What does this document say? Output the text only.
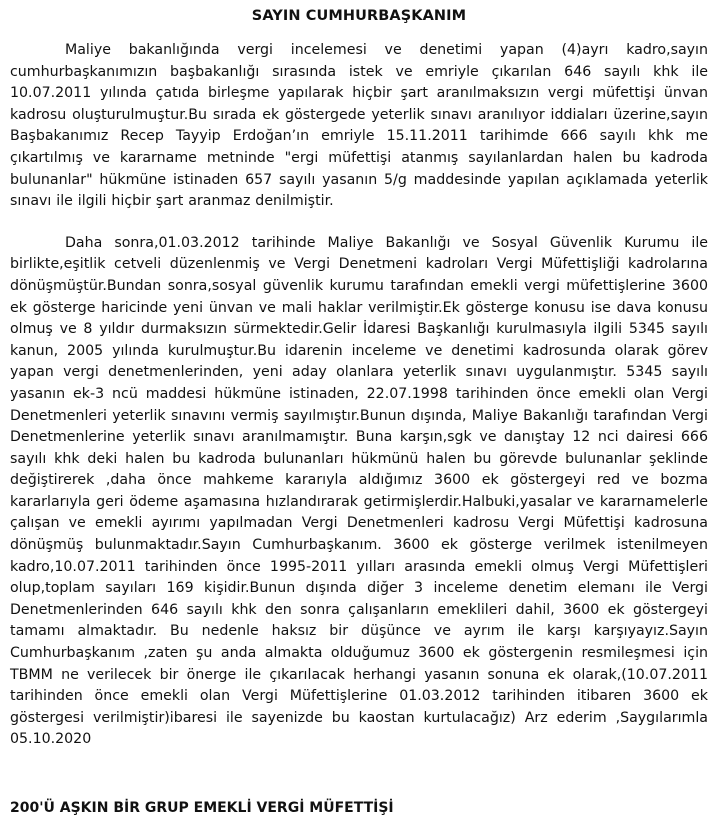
SAYIN CUMHURBAŞKANIM

Maliye bakanlığında vergi incelemesi ve denetimi yapan (4)ayrı kadro,sayın cumhurbaşkanımızın başbakanlığı sırasında istek ve emriyle çıkarılan 646 sayılı khk ile 10.07.2011 yılında çatıda birleşme yapılarak hiçbir şart aranılmaksızın vergi müfettişi ünvan kadrosu oluşturulmuştur.Bu sırada ek göstergede yeterlik sınavı aranılıyor iddiaları üzerine,sayın Başbakanımız Recep Tayyip Erdoğan’ın emriyle 15.11.2011 tarihimde 666 sayılı khk me çıkartılmış ve kararname metninde "ergi müfettişi atanmış sayılanlardan halen bu kadroda bulunanlar" hükmüne istinaden 657 sayılı yasanın 5/g maddesinde yapılan açıklamada yeterlik sınavı ile ilgili hiçbir şart aranmaz denilmiştir.

Daha sonra,01.03.2012 tarihinde Maliye Bakanlığı ve Sosyal Güvenlik Kurumu ile birlikte,eşitlik cetveli düzenlenmiş ve Vergi Denetmeni kadroları Vergi Müfettişliği kadrolarına dönüşmüştür.Bundan sonra,sosyal güvenlik kurumu tarafından emekli vergi müfettişlerine 3600 ek gösterge haricinde yeni ünvan ve mali haklar verilmiştir.Ek gösterge konusu ise dava konusu olmuş ve 8 yıldır durmaksızın sürmektedir.Gelir İdaresi Başkanlığı kurulmasıyla ilgili 5345 sayılı kanun, 2005 yılında kurulmuştur.Bu idarenin inceleme ve denetimi kadrosunda olarak görev yapan vergi denetmenlerinden, yeni aday olanlara yeterlik sınavı uygulanmıştır. 5345 sayılı yasanın ek-3 ncü maddesi hükmüne istinaden, 22.07.1998 tarihinden önce emekli olan Vergi Denetmenleri yeterlik sınavını vermiş sayılmıştır.Bunun dışında, Maliye Bakanlığı tarafından Vergi Denetmenlerine yeterlik sınavı aranılmamıştır. Buna karşın,sgk ve danıştay 12 nci dairesi 666 sayılı khk deki halen bu kadroda bulunanları hükmünü halen bu görevde bulunanlar şeklinde değiştirerek ,daha önce mahkeme kararıyla aldığımız 3600 ek göstergeyi red ve bozma kararlarıyla geri ödeme aşamasına hızlandırarak getirmişlerdir.Halbuki,yasalar ve kararnamelerle çalışan ve emekli ayırımı yapılmadan Vergi Denetmenleri kadrosu Vergi Müfettişi kadrosuna dönüşmüş bulunmaktadır.Sayın Cumhurbaşkanım. 3600 ek gösterge verilmek istenilmeyen kadro,10.07.2011 tarihinden önce 1995-2011 yılları arasında emekli olmuş Vergi Müfettişleri olup,toplam sayıları 169 kişidir.Bunun dışında diğer 3 inceleme denetim elemanı ile Vergi Denetmenlerinden 646 sayılı khk den sonra çalışanların emeklileri dahil, 3600 ek göstergeyi tamamı almaktadır. Bu nedenle haksız bir düşünce ve ayrım ile karşı karşıyayız.Sayın Cumhurbaşkanım ,zaten şu anda almakta olduğumuz 3600 ek göstergenin resmileşmesi için TBMM ne verilecek bir önerge ile çıkarılacak herhangi yasanın sonuna ek olarak,(10.07.2011 tarihinden önce emekli olan Vergi Müfettişlerine 01.03.2012 tarihinden itibaren 3600 ek göstergesi verilmiştir)ibaresi ile sayenizde bu kaostan kurtulacağız) Arz ederim ,Saygılarımla 05.10.2020

200'Ü AŞKIN BİR GRUP EMEKLİ VERGİ MÜFETTİŞİ
